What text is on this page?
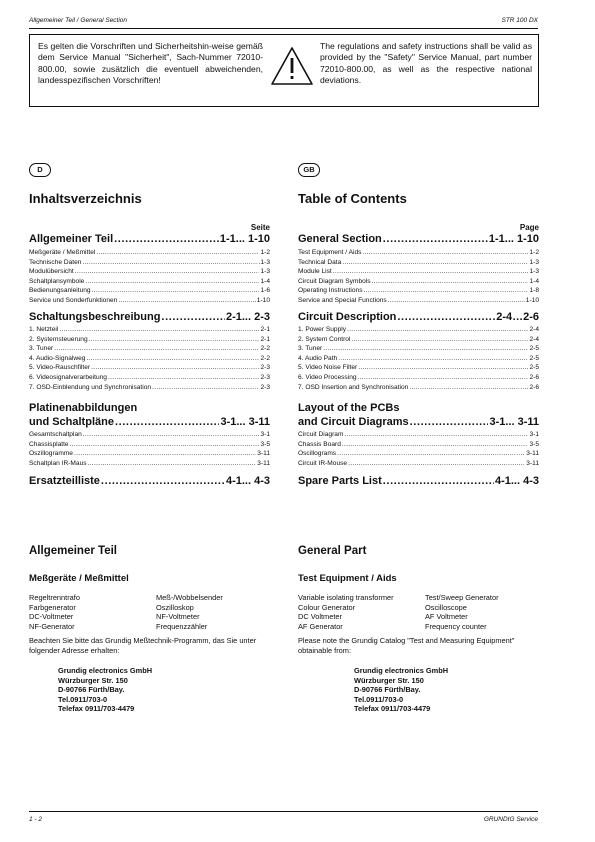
Allgemeiner Teil / General Section	STR 100 DX
Es gelten die Vorschriften und Sicherheitshin-weise gemäß dem Service Manual "Sicherheit", Sach-Nummer 72010-800.00, sowie zusätzlich die eventuell abweichenden, landesspezifischen Vorschriften!
The regulations and safety instructions shall be valid as provided by the "Safety" Service Manual, part number 72010-800.00, as well as the respective national deviations.
D
Inhaltsverzeichnis
Seite
Allgemeiner Teil .....	1-1... 1-10
Meßgeräte / Meßmittel .....	1-2
Technische Daten .....	.1-3
Modulübersicht .....	1-3
Schaltplansymbole .....	1-4
Bedienungsanleitung .....	1-6
Service und Sonderfunktionen .....	1-10
Schaltungsbeschreibung .....	2-1... 2-3
1. Netzteil .....	2-1
2. Systemsteuerung .....	2-1
3. Tuner .....	2-2
4. Audio-Signalweg .....	2-2
5. Video-Rauschfilter .....	2-3
6. Videosignalverarbeitung .....	2-3
7. OSD-Einblendung und Synchronisation .....	2-3
Platinenabbildungen
und Schaltpläne .....	3-1... 3-11
Gesamtschaltplan .....	3-1
Chassisplatte .....	3-5
Oszillogramme .....	3-11
Schaltplan IR-Maus .....	3-11
Ersatzteilliste .....	4-1... 4-3
Allgemeiner Teil
Meßgeräte / Meßmittel
Regeltrenntrafo	Meß-/Wobbelsender
Farbgenerator	Oszilloskop
DC-Voltmeter	NF-Voltmeter
NF-Generator	Frequenzzähler
Beachten Sie bitte das Grundig Meßtechnik-Programm, das Sie unter folgender Adresse erhalten:
Grundig electronics GmbH
Würzburger Str. 150
D-90766 Fürth/Bay.
Tel.0911/703-0
Telefax 0911/703-4479
GB
Table of Contents
Page
General Section .....	1-1... 1-10
Test Equipment / Aids .....	1-2
Technical Data .....	1-3
Module List .....	1-3
Circuit Diagram Symbols .....	1-4
Operating Instructions .....	1-8
Service and Special Functions .....	1-10
Circuit Description .....	2-4…2-6
1. Power Supply .....	2-4
2. System Control .....	2-4
3. Tuner .....	2-5
4. Audio Path .....	2-5
5. Video Noise Filter .....	2-5
6. Video Processing .....	2-6
7. OSD Insertion and Synchronisation .....	2-6
Layout of the PCBs
and Circuit Diagrams .....	3-1... 3-11
Circuit Diagram .....	3-1
Chassis Board .....	3-5
Oscillograms .....	3-11
Circuit IR-Mouse .....	3-11
Spare Parts List .....	4-1... 4-3
General Part
Test Equipment / Aids
Variable isolating transformer	Test/Sweep Generator
Colour Generator	Oscilloscope
DC Voltmeter	AF Voltmeter
AF Generator	Frequency counter
Please note the Grundig Catalog "Test and Measuring Equipment" obtainable from:
Grundig electronics GmbH
Würzburger Str. 150
D-90766 Fürth/Bay.
Tel.0911/703-0
Telefax 0911/703-4479
1 - 2	GRUNDIG Service
